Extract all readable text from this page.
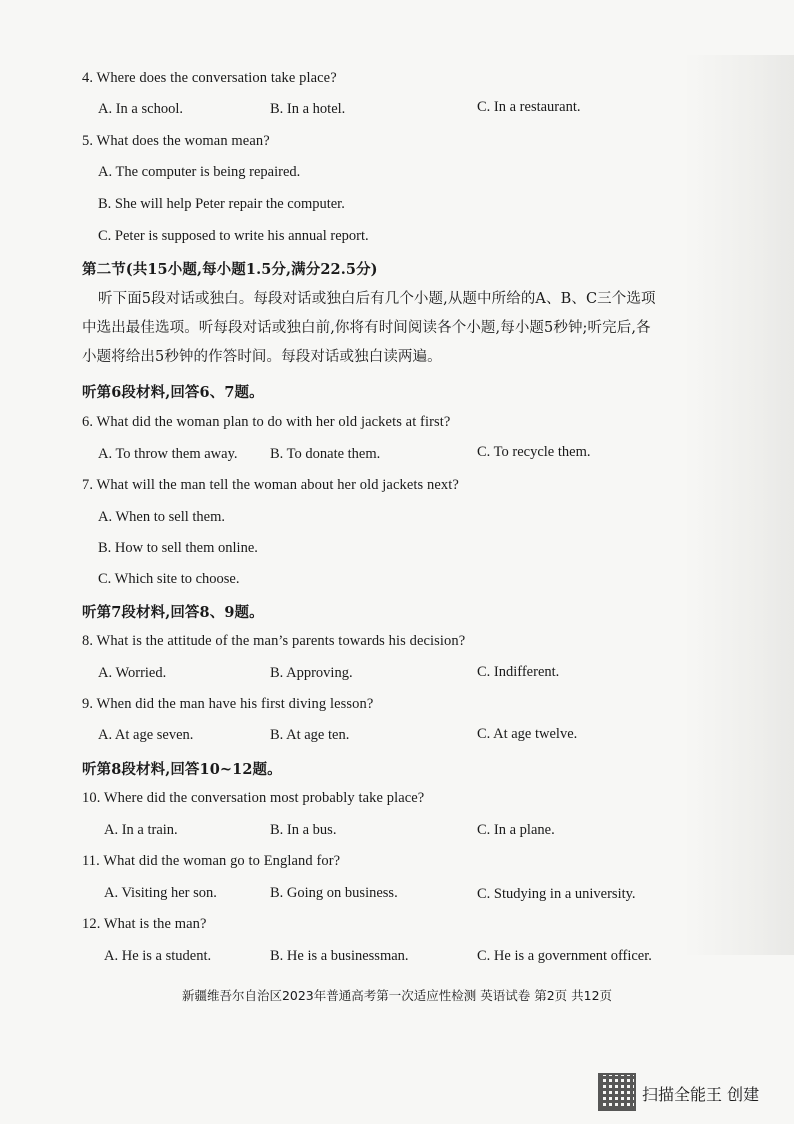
4. Where does the conversation take place?
A. In a school.	B. In a hotel.	C. In a restaurant.
5. What does the woman mean?
A. The computer is being repaired.
B. She will help Peter repair the computer.
C. Peter is supposed to write his annual report.
第二节(共15小题,每小题1.5分,满分22.5分)
听下面5段对话或独白。每段对话或独白后有几个小题,从题中所给的A、B、C三个选项
中选出最佳选项。听每段对话或独白前,你将有时间阅读各个小题,每小题5秒钟;听完后,各
小题将给出5秒钟的作答时间。每段对话或独白读两遍。
听第6段材料,回答6、7题。
6. What did the woman plan to do with her old jackets at first?
A. To throw them away. B. To donate them.	C. To recycle them.
7. What will the man tell the woman about her old jackets next?
A. When to sell them.
B. How to sell them online.
C. Which site to choose.
听第7段材料,回答8、9题。
8. What is the attitude of the man’s parents towards his decision?
A. Worried.	B. Approving.	C. Indifferent.
9. When did the man have his first diving lesson?
A. At age seven.	B. At age ten.	C. At age twelve.
听第8段材料,回答10~12题。
10. Where did the conversation most probably take place?
A. In a train.	B. In a bus.	C. In a plane.
11. What did the woman go to England for?
A. Visiting her son.	B. Going on business.	C. Studying in a university.
12. What is the man?
A. He is a student.	B. He is a businessman.	C. He is a government officer.
新疆维吾尔自治区2023年普通高考第一次适应性检测 英语试卷 第2页 共12页
扫描全能王 创建
